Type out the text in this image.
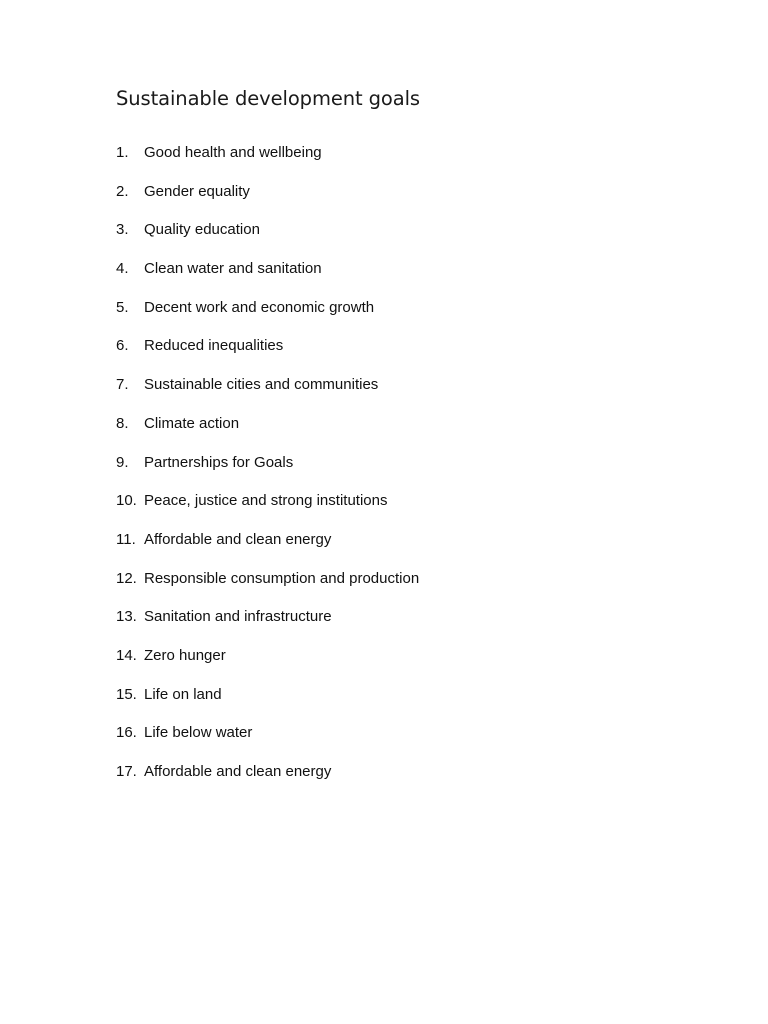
Sustainable development goals
1.	Good health and wellbeing
2.	Gender equality
3.	Quality education
4.	Clean water and sanitation
5.	Decent work and economic growth
6.	Reduced inequalities
7.	Sustainable cities and communities
8.	Climate action
9.	Partnerships for Goals
10. Peace, justice and strong institutions
11. Affordable and clean energy
12. Responsible consumption and production
13. Sanitation and infrastructure
14. Zero hunger
15. Life on land
16. Life below water
17. Affordable and clean energy
